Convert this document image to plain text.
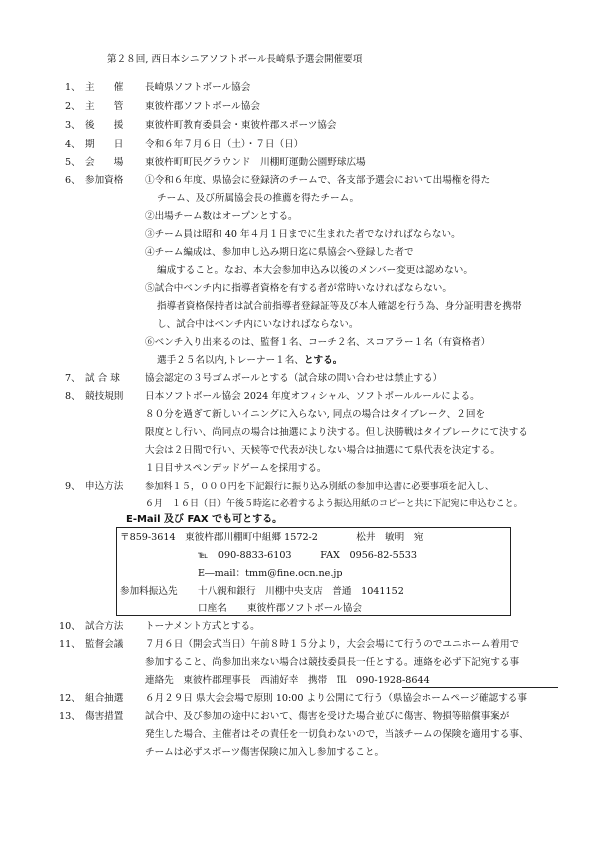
第２８回, 西日本シニアソフトボール長崎県予選会開催要項
1、 主　　催 長崎県ソフトボール協会
2、 主　　管 東彼杵郡ソフトボール協会
3、 後　　援 東彼杵町教育委員会・東彼杵郡スポーツ協会
4、 期　　日 令和６年７月６日（土）・７日（日）
5、 会　　場 東彼杵町町民グラウンド　川棚町運動公園野球広場
6、 参加資格 ①令和６年度、県協会に登録済のチームで、各支部予選会において出場権を得た
チーム、及び所属協会長の推薦を得たチーム。
②出場チーム数はオープンとする。
③チーム員は昭和 40 年４月１日までに生まれた者でなければならない。
④チーム編成は、参加申し込み期日迄に県協会へ登録した者で
編成すること。なお、本大会参加申込み以後のメンバー変更は認めない。
⑤試合中ベンチ内に指導者資格を有する者が常時いなければならない。
指導者資格保持者は試合前指導者登録証等及び本人確認を行う為、身分証明書を携帯
し、試合中はベンチ内にいなければならない。
⑥ベンチ入り出来るのは、監督１名、コーチ２名、スコアラー１名（有資格者）
選手２５名以内,トレーナー１名、とする。
7、 試 合 球	協会認定の３号ゴムボールとする（試合球の問い合わせは禁止する）
8、 競技規則 日本ソフトボール協会 2024 年度オフィシャル、ソフトボールルールによる。
８０分を過ぎて新しいイニングに入らない, 同点の場合はタイブレーク、２回を
限度とし行い、尚同点の場合は抽選により決する。但し決勝戦はタイブレークにて決する
大会は２日間で行い、天候等で代表が決しない場合は抽選にて県代表を決定する。
１日目サスペンデッドゲームを採用する。
9、 申込方法 参加料１５，０００円を下記銀行に振り込み別紙の参加申込書に必要事項を記入し、
６月　１６日（日）午後５時迄に必着するよう振込用紙のコピーと共に下記宛に申込むこと。
E-Mail 及び FAX でも可とする。
〒859-3614　東彼杵郡川棚町中組郷 1572-2　　　　松井　敏明　宛
℡　090-8833-6103　　　FAX　0956-82-5533
E―mail：tmm@fine.ocn.ne.jp
参加料振込先 十八親和銀行　川棚中央支店　普通　1041152
口座名 東彼杵郡ソフトボール協会
10、 試合方法 トーナメント方式とする。
11、 監督会議 ７月６日（開会式当日）午前８時１５分より，大会会場にて行うのでユニホーム着用で
参加すること、尚参加出来ない場合は競技委員長一任とする。連絡を必ず下記宛する事
連絡先　東彼杵郡理事長　西浦好幸　携帯　℡　090-1928-8644
12、 組合抽選 ６月２９日 県大会会場で原則 10:00 より公開にて行う（県協会ホームページ確認する事
13、 傷害措置 試合中、及び参加の途中において、傷害を受けた場合並びに傷害、物損等賠償事案が
発生した場合、主催者はその責任を一切負わないので，当該チームの保険を適用する事、
チームは必ずスポーツ傷害保険に加入し参加すること。
